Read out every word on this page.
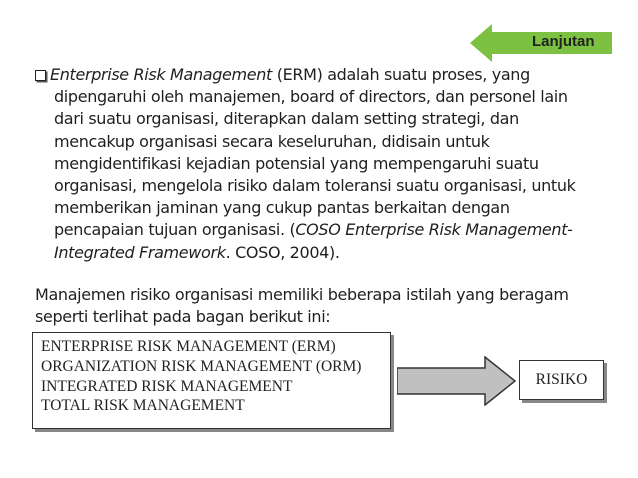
Lanjutan
Enterprise Risk Management (ERM) adalah suatu proses, yang
dipengaruhi oleh manajemen, board of directors, dan personel lain
dari suatu organisasi, diterapkan dalam setting strategi, dan
mencakup organisasi secara keseluruhan, didisain untuk
mengidentifikasi kejadian potensial yang mempengaruhi suatu
organisasi, mengelola risiko dalam toleransi suatu organisasi, untuk
memberikan jaminan yang cukup pantas berkaitan dengan
pencapaian tujuan organisasi. (COSO Enterprise Risk Management-
Integrated Framework. COSO, 2004).
Manajemen risiko organisasi memiliki beberapa istilah yang beragam
seperti terlihat pada bagan berikut ini:
ENTERPRISE RISK MANAGEMENT (ERM)
ORGANIZATION RISK MANAGEMENT (ORM)
INTEGRATED RISK MANAGEMENT
TOTAL RISK MANAGEMENT
RISIKO
